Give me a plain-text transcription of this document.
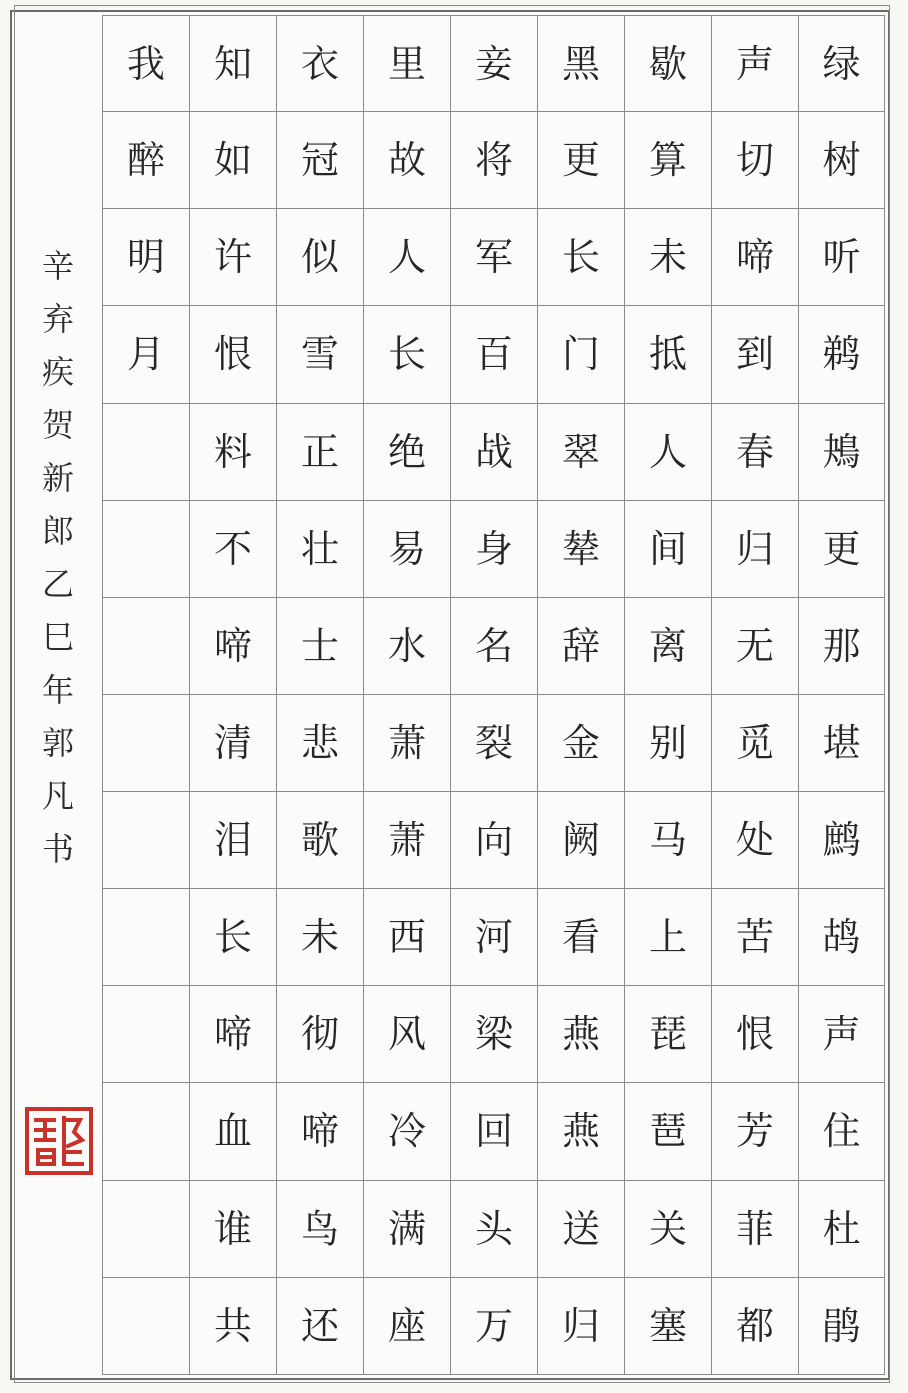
绿
树
听
鹈
鴂
更
那
堪
鹧
鸪
声
住
杜
鹃
声
切
啼
到
春
归
无
觅
处
苦
恨
芳
菲
都
歇
算
未
抵
人
间
离
别
马
上
琵
琶
关
塞
黑
更
长
门
翠
辇
辞
金
阙
看
燕
燕
送
归
妾
将
军
百
战
身
名
裂
向
河
梁
回
头
万
里
故
人
长
绝
易
水
萧
萧
西
风
冷
满
座
衣
冠
似
雪
正
壮
士
悲
歌
未
彻
啼
鸟
还
知
如
许
恨
料
不
啼
清
泪
长
啼
血
谁
共
我
醉
明
月
辛
弃
疾
贺
新
郎
乙
巳
年
郭
凡
书
